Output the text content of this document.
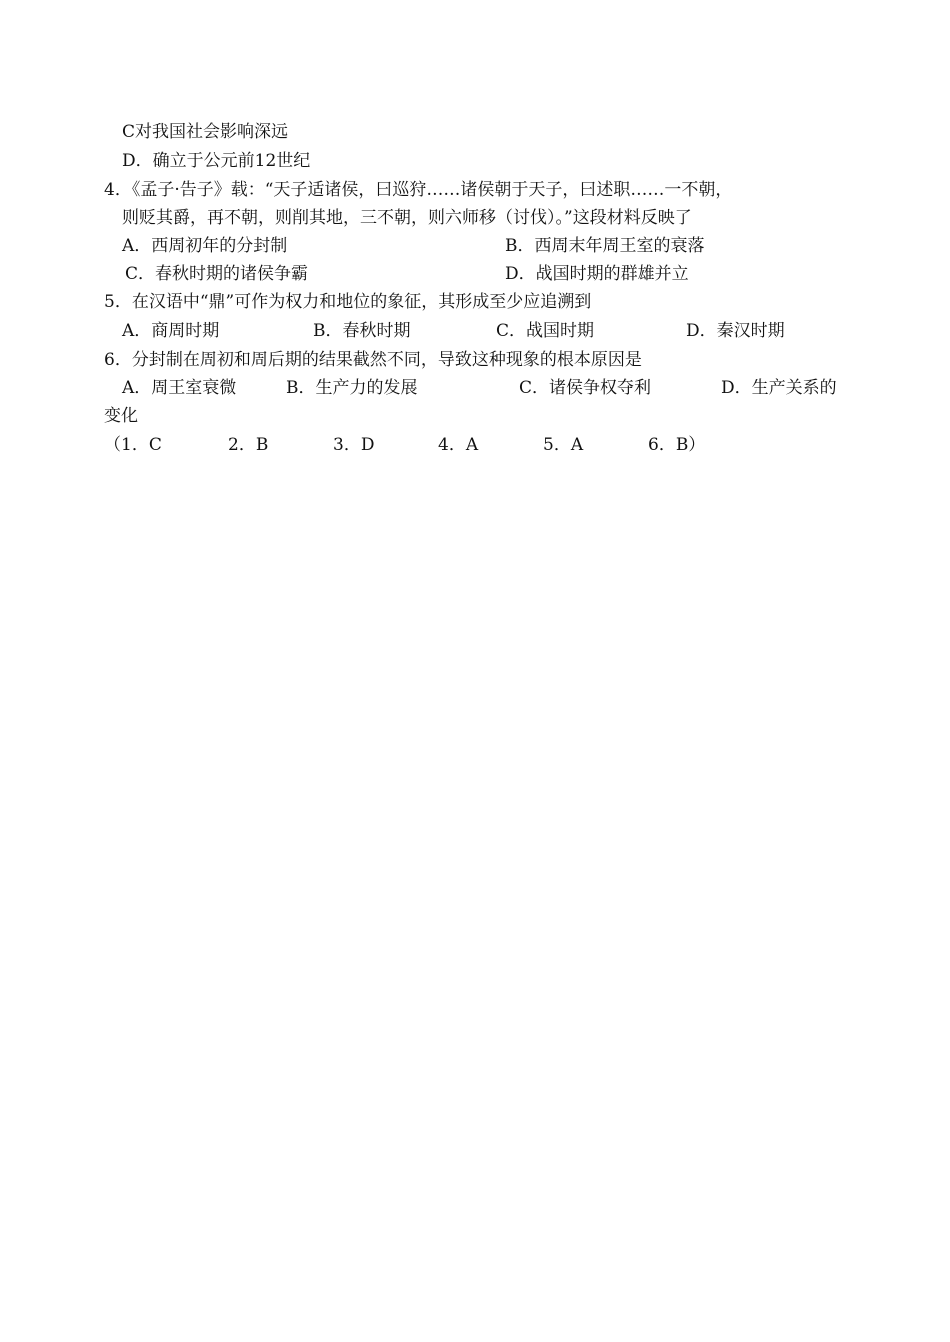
C对我国社会影响深远
D．确立于公元前12世纪
4．《孟子·告子》载：“天子适诸侯，曰巡狩……诸侯朝于天子，曰述职……一不朝，
则贬其爵，再不朝，则削其地，三不朝，则六师移（讨伐）。”这段材料反映了
A．西周初年的分封制	B．西周末年周王室的衰落
C．春秋时期的诸侯争霸	D．战国时期的群雄并立
5．在汉语中“鼎”可作为权力和地位的象征，其形成至少应追溯到
A．商周时期	B．春秋时期	C．战国时期	D．秦汉时期
6．分封制在周初和周后期的结果截然不同，导致这种现象的根本原因是
A．周王室衰微	B．生产力的发展	C．诸侯争权夺利	D．生产关系的
变化
（1．C	2．B	3．D	4．A	5．A	6．B）
